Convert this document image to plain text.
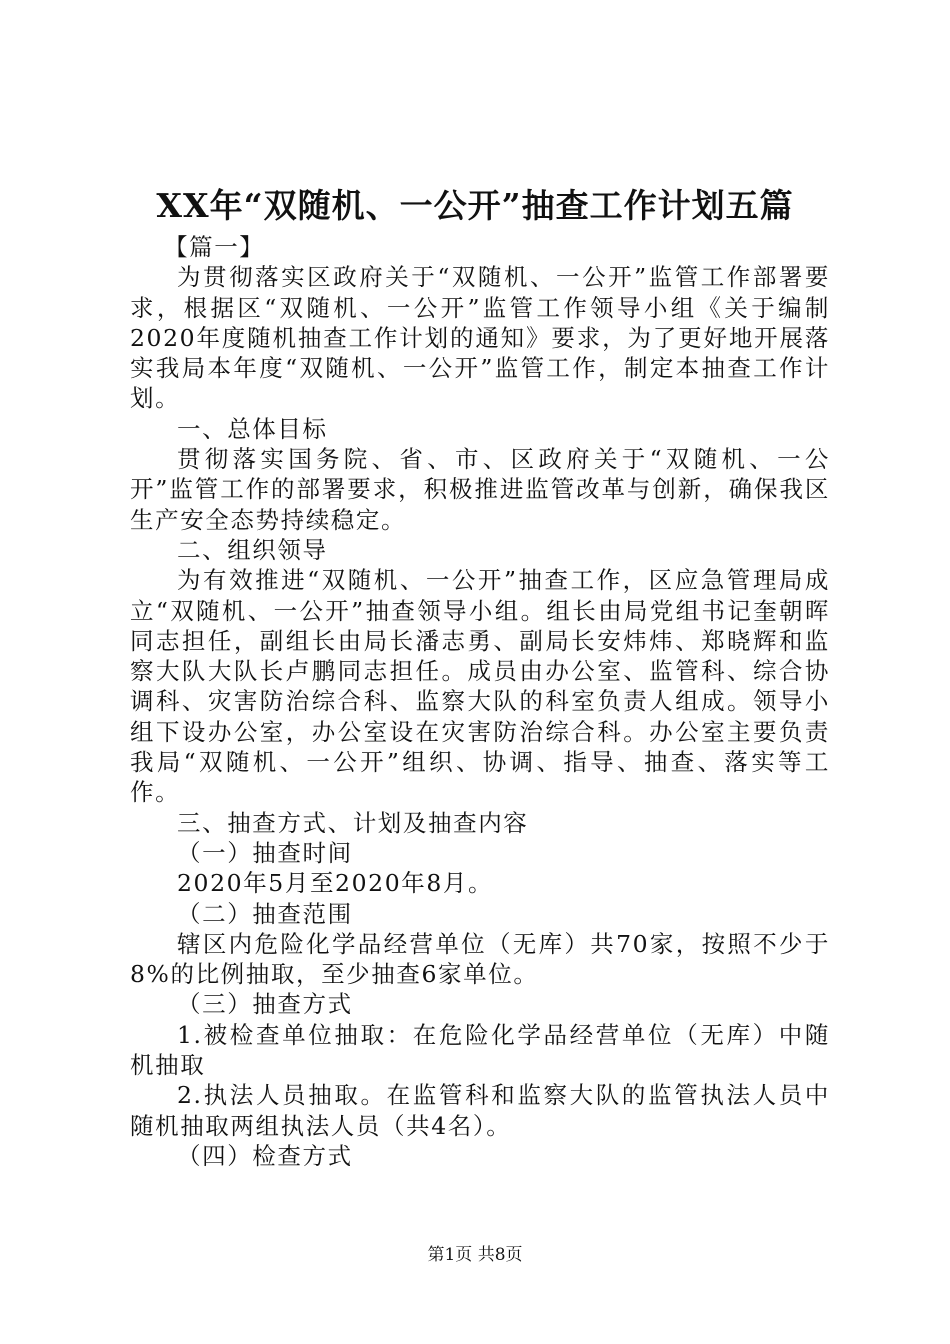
XX年“双随机、一公开”抽查工作计划五篇

【篇一】

为贯彻落实区政府关于“双随机、一公开”监管工作部署要求，根据区“双随机、一公开”监管工作领导小组《关于编制2020年度随机抽查工作计划的通知》要求，为了更好地开展落实我局本年度“双随机、一公开”监管工作，制定本抽查工作计划。

一、总体目标

贯彻落实国务院、省、市、区政府关于“双随机、一公开”监管工作的部署要求，积极推进监管改革与创新，确保我区生产安全态势持续稳定。

二、组织领导

为有效推进“双随机、一公开”抽查工作，区应急管理局成立“双随机、一公开”抽查领导小组。组长由局党组书记奎朝晖同志担任，副组长由局长潘志勇、副局长安炜炜、郑晓辉和监察大队大队长卢鹏同志担任。成员由办公室、监管科、综合协调科、灾害防治综合科、监察大队的科室负责人组成。领导小组下设办公室，办公室设在灾害防治综合科。办公室主要负责我局“双随机、一公开”组织、协调、指导、抽查、落实等工作。

三、抽查方式、计划及抽查内容

（一）抽查时间

2020年5月至2020年8月。

（二）抽查范围

辖区内危险化学品经营单位（无库）共70家，按照不少于8%的比例抽取，至少抽查6家单位。

（三）抽查方式

1.被检查单位抽取：在危险化学品经营单位（无库）中随机抽取

2.执法人员抽取。在监管科和监察大队的监管执法人员中随机抽取两组执法人员（共4名）。

（四）检查方式

第1页 共8页
